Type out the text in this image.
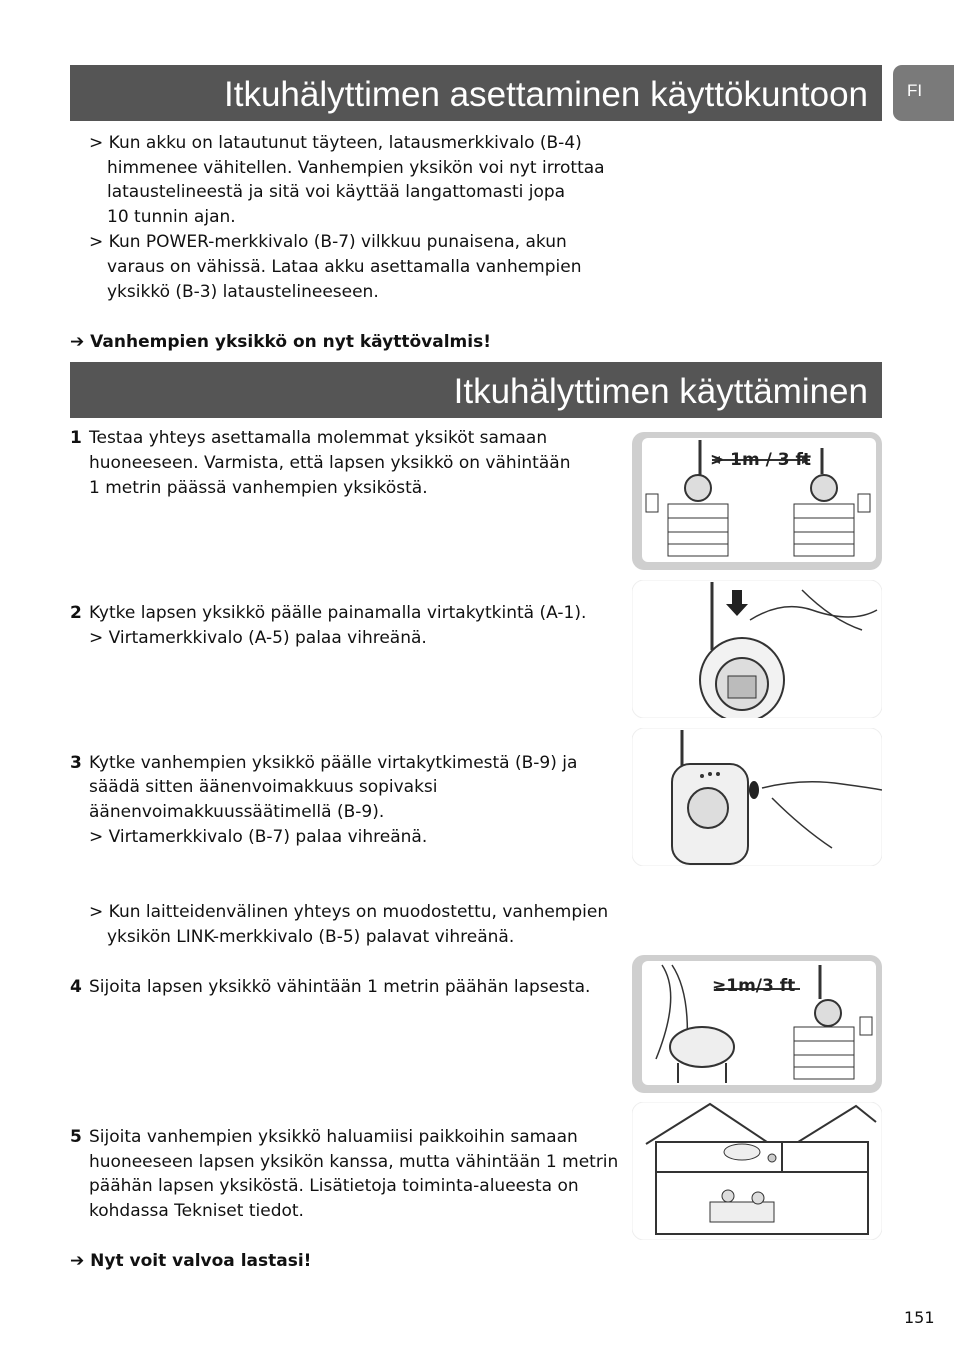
Itkuhälyttimen asettaminen käyttökuntoon	FI
> Kun akku on latautunut täyteen, latausmerkkivalo (B-4)
himmenee vähitellen. Vanhempien yksikön voi nyt irrottaa
lataustelineestä ja sitä voi käyttää langattomasti jopa
10 tunnin ajan.
> Kun POWER-merkkivalo (B-7) vilkkuu punaisena, akun
varaus on vähissä. Lataa akku asettamalla vanhempien
yksikkö (B-3) lataustelineeseen.
➔ Vanhempien yksikkö on nyt käyttövalmis!
Itkuhälyttimen käyttäminen
1 Testaa yhteys asettamalla molemmat yksiköt samaan
huoneeseen. Varmista, että lapsen yksikkö on vähintään
1 metrin päässä vanhempien yksiköstä.
2 Kytke lapsen yksikkö päälle painamalla virtakytkintä (A-1).
> Virtamerkkivalo (A-5) palaa vihreänä.
3 Kytke vanhempien yksikkö päälle virtakytkimestä (B-9) ja
säädä sitten äänenvoimakkuus sopivaksi
äänenvoimakkuussäätimellä (B-9).
> Virtamerkkivalo (B-7) palaa vihreänä.
> Kun laitteidenvälinen yhteys on muodostettu, vanhempien
yksikön LINK-merkkivalo (B-5) palavat vihreänä.
4 Sijoita lapsen yksikkö vähintään 1 metrin päähän lapsesta.
5 Sijoita vanhempien yksikkö haluamiisi paikkoihin samaan
huoneeseen lapsen yksikön kanssa, mutta vähintään 1 metrin
päähän lapsen yksiköstä. Lisätietoja toiminta-alueesta on
kohdassa Tekniset tiedot.
➔ Nyt voit valvoa lastasi!
> 1m / 3 ft
≥1m/3 ft
151
